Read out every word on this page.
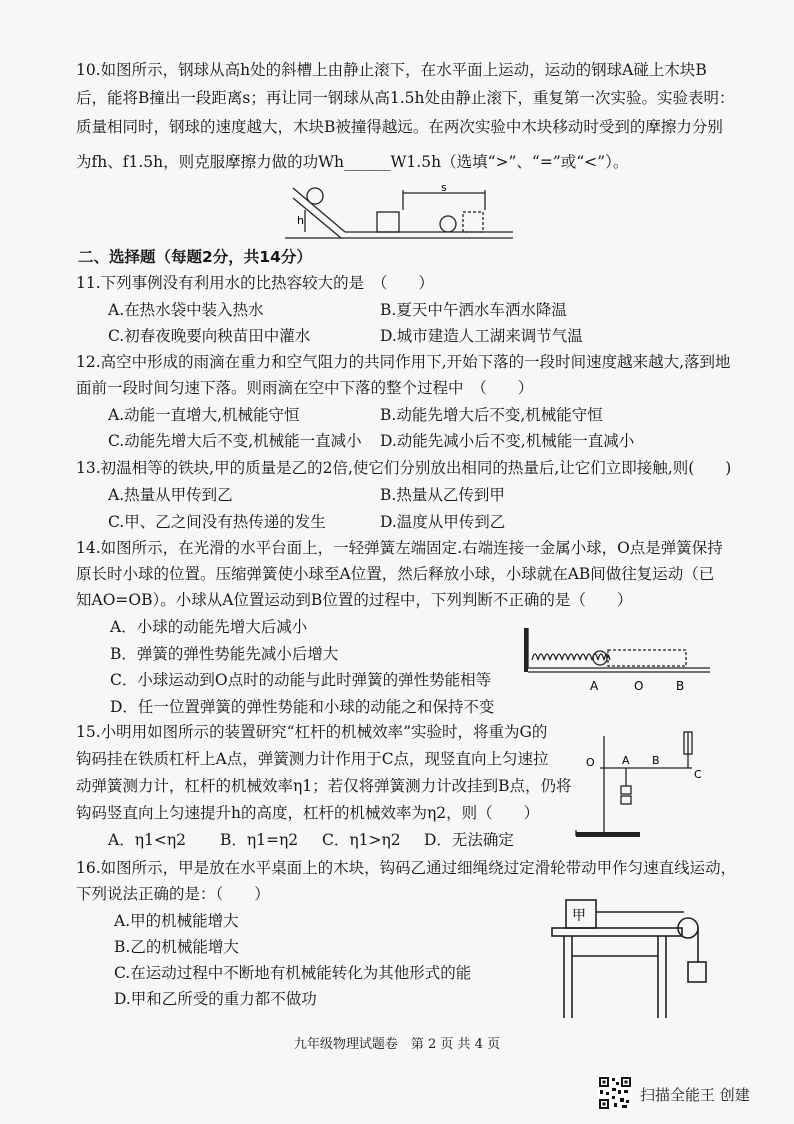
10.如图所示，钢球从高h处的斜槽上由静止滚下，在水平面上运动，运动的钢球A碰上木块B
后，能将B撞出一段距离s；再让同一钢球从高1.5h处由静止滚下，重复第一次实验。实验表明：
质量相同时，钢球的速度越大，木块B被撞得越远。在两次实验中木块移动时受到的摩擦力分别
为fh、f1.5h，则克服摩擦力做的功Wh______W1.5h（选填“>”、“=”或“<”）。
h
s
二、选择题（每题2分，共14分）
11.下列事例没有利用水的比热容较大的是　（　　）
A.在热水袋中装入热水	B.夏天中午洒水车洒水降温
C.初春夜晚要向秧苗田中灌水	D.城市建造人工湖来调节气温
12.高空中形成的雨滴在重力和空气阻力的共同作用下,开始下落的一段时间速度越来越大,落到地
面前一段时间匀速下落。则雨滴在空中下落的整个过程中　（　　）
A.动能一直增大,机械能守恒	B.动能先增大后不变,机械能守恒
C.动能先增大后不变,机械能一直减小 D.动能先减小后不变,机械能一直减小
13.初温相等的铁块,甲的质量是乙的2倍,使它们分别放出相同的热量后,让它们立即接触,则(　　)
A.热量从甲传到乙	B.热量从乙传到甲
C.甲、乙之间没有热传递的发生	D.温度从甲传到乙
14.如图所示，在光滑的水平台面上，一轻弹簧左端固定.右端连接一金属小球，O点是弹簧保持
原长时小球的位置。压缩弹簧使小球至A位置，然后释放小球，小球就在AB间做往复运动（已
知AO=OB）。小球从A位置运动到B位置的过程中，下列判断不正确的是（　　）
A．小球的动能先增大后减小
B．弹簧的弹性势能先减小后增大
C．小球运动到O点时的动能与此时弹簧的弹性势能相等
D．任一位置弹簧的弹性势能和小球的动能之和保持不变
A	O	B
15.小明用如图所示的装置研究“杠杆的机械效率”实验时，将重为G的
钩码挂在铁质杠杆上A点，弹簧测力计作用于C点，现竖直向上匀速拉
动弹簧测力计，杠杆的机械效率η1；若仅将弹簧测力计改挂到B点，仍将
钩码竖直向上匀速提升h的高度，杠杆的机械效率为η2，则（　　）
A．η1<η2 B．η1=η2 C．η1>η2 D．无法确定
O A B
C
16.如图所示，甲是放在水平桌面上的木块，钩码乙通过细绳绕过定滑轮带动甲作匀速直线运动，
下列说法正确的是：（　　）
A.甲的机械能增大
B.乙的机械能增大
C.在运动过程中不断地有机械能转化为其他形式的能
D.甲和乙所受的重力都不做功
甲
九年级物理试题卷　第 2 页 共 4 页
扫描全能王 创建
